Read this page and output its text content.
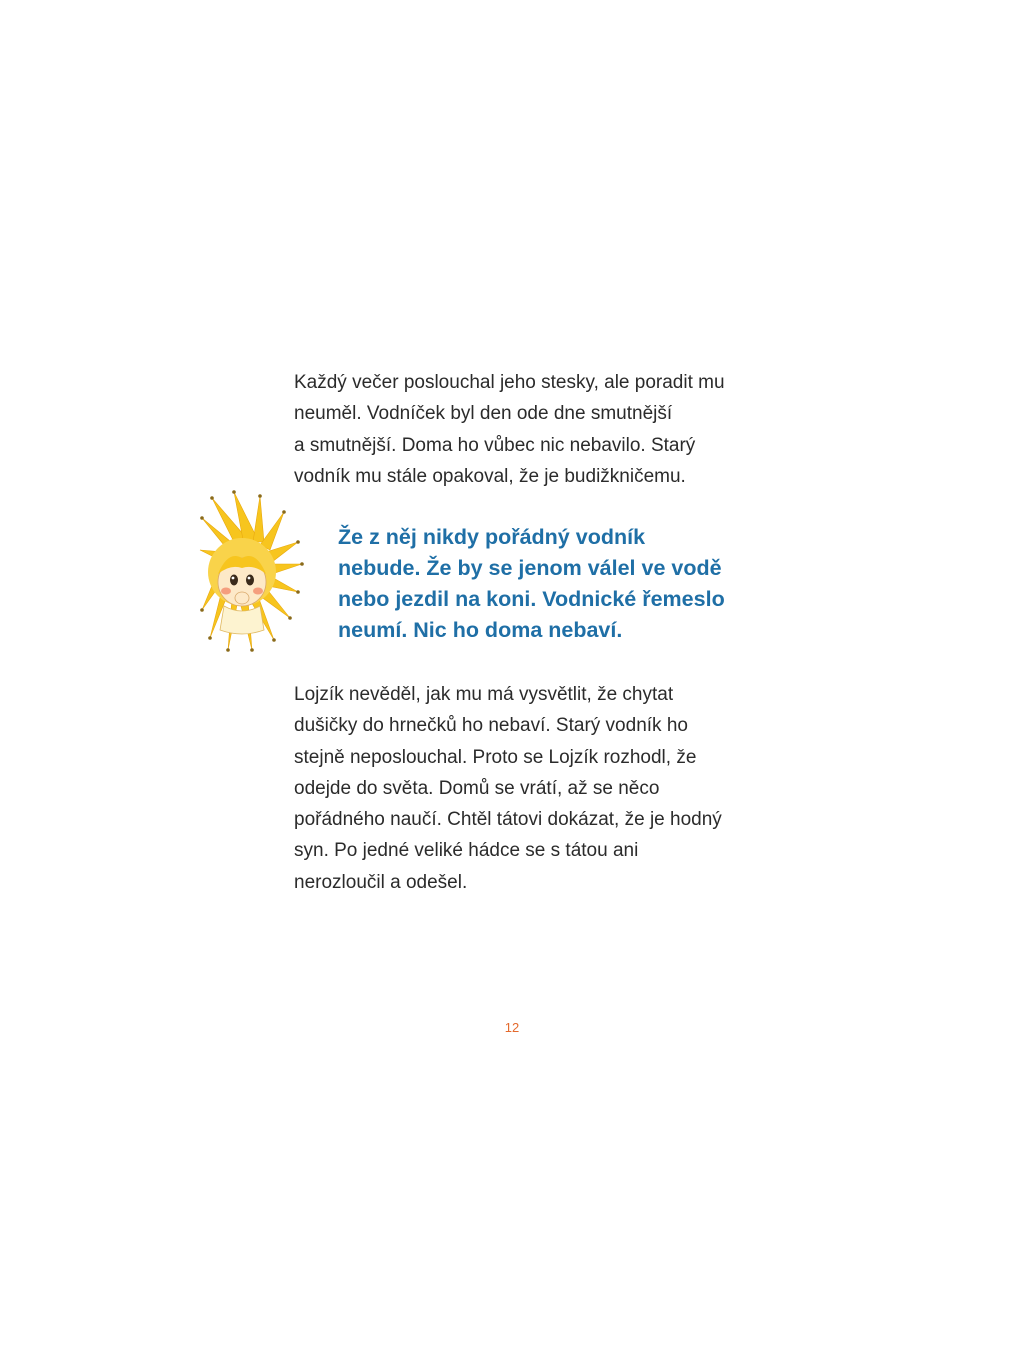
Každý večer poslouchal jeho stesky, ale poradit mu
neuměl. Vodníček byl den ode dne smutnější
a smutnější. Doma ho vůbec nic nebavilo. Starý
vodník mu stále opakoval, že je budižkničemu.
Že z něj nikdy pořádný vodník
nebude. Že by se jenom válel ve vodě
nebo jezdil na koni. Vodnické řemeslo
neumí. Nic ho doma nebaví.
Lojzík nevěděl, jak mu má vysvětlit, že chytat
dušičky do hrnečků ho nebaví. Starý vodník ho
stejně neposlouchal. Proto se Lojzík rozhodl, že
odejde do světa. Domů se vrátí, až se něco
pořádného naučí. Chtěl tátovi dokázat, že je hodný
syn. Po jedné veliké hádce se s tátou ani
nerozloučil a odešel.

12
